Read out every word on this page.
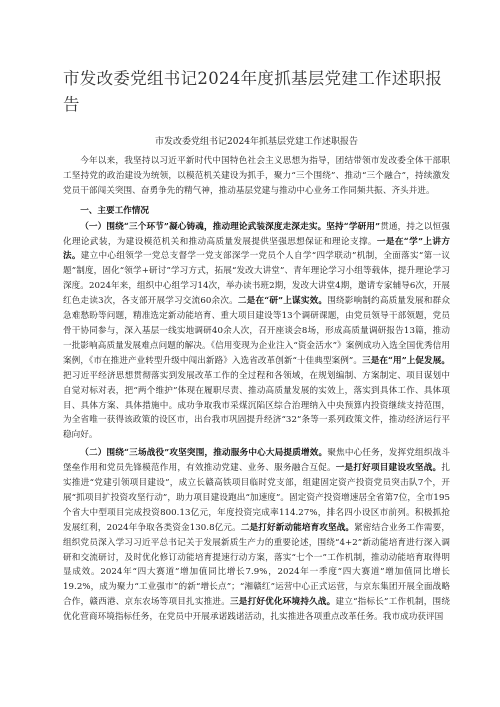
市发改委党组书记2024年度抓基层党建工作述职报告

市发改委党组书记2024年抓基层党建工作述职报告

今年以来，我坚持以习近平新时代中国特色社会主义思想为指导，团结带领市发改委全体干部职工坚持党的政治建设为统领，以模范机关建设为抓手，聚力“三个围绕”、推动“三个融合”，持续激发党员干部闯关突围、奋勇争先的精气神，推动基层党建与推动中心业务工作同频共振、齐头并进。

一、主要工作情况

（一）围绕“三个环节”凝心铸魂，推动理论武装深度走深走实。坚持“学研用”贯通，持之以恒强化理论武装，为建设模范机关和推动高质量发展提供坚强思想保证和理论支撑。一是在“学”上讲方法。建立中心组领学一党总支督学一党支部深学一党员个人自学“四学联动”机制，全面落实“第一议题”制度，固化“领学+研讨”学习方式，拓展“发改大讲堂”、青年理论学习小组等载体，提升理论学习深度。2024年来，组织中心组学习14次，举办读书班2期，发改大讲堂4期，邀请专家辅导6次，开展红色走读3次，各支部开展学习交流60余次。二是在“研”上谋实效。围绕影响制约高质量发展和群众急难愁盼等问题，精准选定新动能培育、重大项目建设等13个调研课题，由党员领导干部领题，党员骨干协同参与，深入基层一线实地调研40余人次，召开座谈会8场，形成高质量调研报告13篇，推动一批影响高质量发展难点问题的解决。《信用变现为企业注入“资金活水”》案例成功入选全国优秀信用案例，《市在推进产业转型升级中闯出新路》入选省改革创新“十佳典型案例”。三是在“用”上促发展。把习近平经济思想贯彻落实到发展改革工作的全过程和各领域，在规划编制、方案制定、项目谋划中自觉对标对表，把“两个维护”体现在履职尽责、推动高质量发展的实效上，落实到具体工作、具体项目、具体方案、具体措施中。成功争取我市采煤沉陷区综合治理纳入中央预算内投资继续支持范围，为全省唯一获得该政策的设区市，出台我市巩固提升经济“32”条等一系列政策文件，推动经济运行平稳向好。

（二）围绕“三场战役”攻坚突围，推动服务中心大局提质增效。聚焦中心任务，发挥党组织战斗堡垒作用和党员先锋模范作用，有效推动党建、业务、服务融合互促。一是打好项目建设攻坚战。扎实推进“党建引领项目建设”，成立长赣高铁项目临时党支部，组建固定资产投资党员突击队7个，开展“抓项目扩投资攻坚行动”，助力项目建设跑出“加速度”。固定资产投资增速居全省第7位，全市195个省大中型项目完成投资800.13亿元，年度投资完成率114.27%，排名四小设区市前列。积极抓抢发展红利，2024年争取各类资金130.8亿元。二是打好新动能培育攻坚战。紧密结合业务工作需要，组织党员深入学习习近平总书记关于发展新质生产力的重要论述，围绕“4+2”新动能培育进行深入调研和交流研讨，及时优化修订动能培育提速行动方案，落实“七个一”工作机制，推动动能培育取得明显成效。2024年“四大赛道”增加值同比增长7.9%，2024年一季度“四大赛道”增加值同比增长19.2%，成为聚力“工业强市”的新“增长点”；“湘赣红”运营中心正式运营，与京东集团开展全面战略合作，赣西港、京东农场等项目扎实推进。三是打好优化环境持久战。建立“指标长”工作机制，围绕优化营商环境指标任务，在党员中开展承诺践诺活动，扎实推进各项重点改革任务。我市成功获评国
